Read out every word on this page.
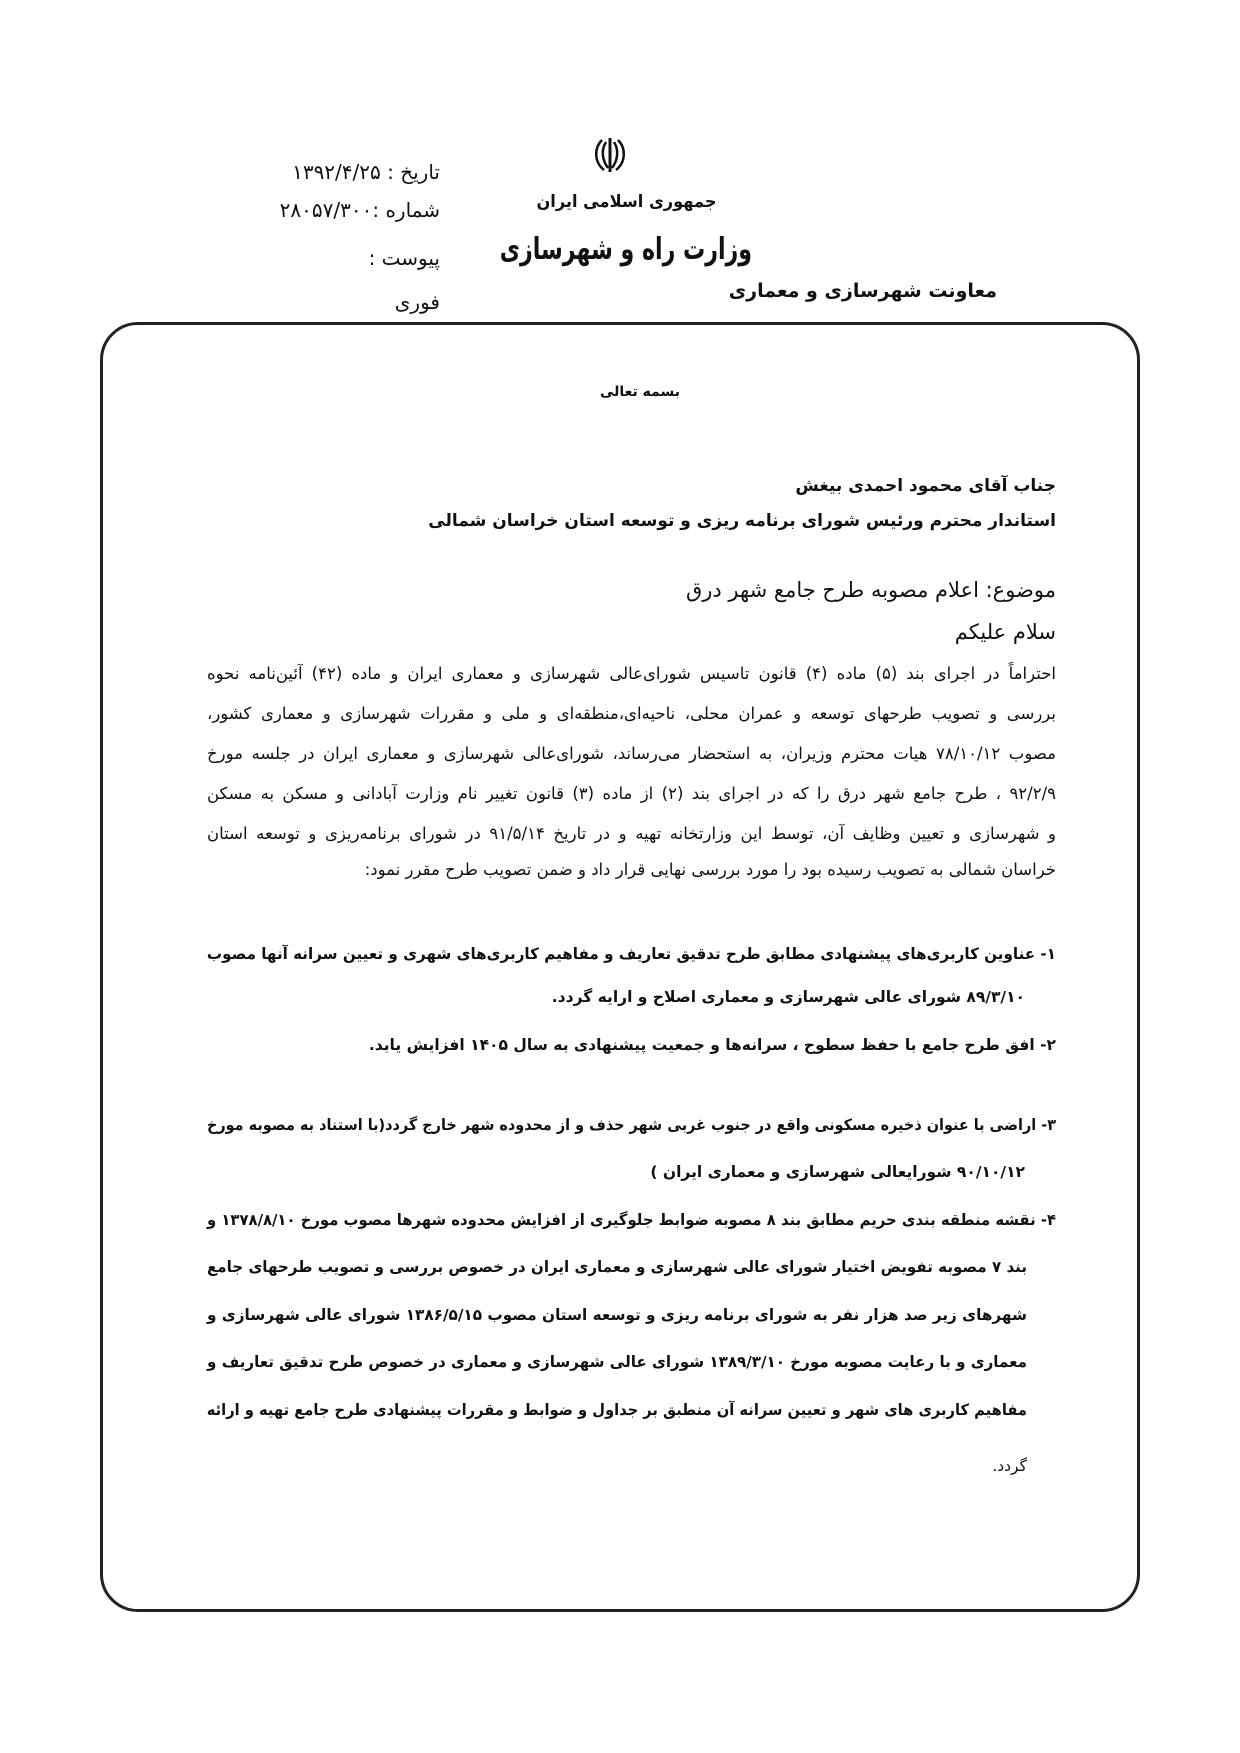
جمهوری اسلامی ایران
وزارت راه و شهرسازی
معاونت شهرسازی و معماری
تاریخ : ۱۳۹۲/۴/۲۵
شماره :۲۸۰۵۷/۳۰۰
پیوست :
فوری
بسمه تعالی
جناب آقای محمود احمدی بیغش
استاندار محترم ورئیس شورای برنامه ریزی و توسعه استان خراسان شمالی
موضوع: اعلام مصوبه طرح جامع شهر درق
سلام علیکم
احتراماً در اجرای بند (۵) ماده (۴) قانون تاسیس شورای‌عالی شهرسازی و معماری ایران و ماده (۴۲) آئین‌نامه نحوه
بررسی و تصویب طرحهای توسعه و عمران محلی، ناحیه‌ای،منطقه‌ای و ملی و مقررات شهرسازی و معماری کشور،
مصوب ۷۸/۱۰/۱۲ هیات محترم وزیران، به استحضار می‌رساند، شورای‌عالی شهرسازی و معماری ایران در جلسه مورخ
۹۲/۲/۹ ، طرح جامع شهر درق را که در اجرای بند (۲) از ماده (۳) قانون تغییر نام وزارت آبادانی و مسکن به مسکن
و شهرسازی و تعیین وظایف آن، توسط این وزارتخانه تهیه و در تاریخ ۹۱/۵/۱۴ در شورای برنامه‌ریزی و توسعه استان
خراسان شمالی به تصویب رسیده بود را مورد بررسی نهایی قرار داد و ضمن تصویب طرح مقرر نمود:
۱- عناوین کاربری‌های پیشنهادی مطابق طرح تدقیق تعاریف و مفاهیم کاربری‌های شهری و تعیین سرانه آنها مصوب
۸۹/۳/۱۰ شورای عالی شهرسازی و معماری اصلاح و ارایه گردد.
۲- افق طرح جامع با حفظ سطوح ، سرانه‌ها و جمعیت پیشنهادی به سال ۱۴۰۵ افزایش یابد.
۳- اراضی با عنوان ذخیره مسکونی واقع در جنوب غربی شهر حذف و از محدوده شهر خارج گردد(با استناد به مصوبه مورخ
۹۰/۱۰/۱۲ شورایعالی شهرسازی و معماری ایران )
۴- نقشه منطقه بندی حریم مطابق بند ۸ مصوبه ضوابط جلوگیری از افزایش محدوده شهرها مصوب مورخ ۱۳۷۸/۸/۱۰ و
بند ۷ مصوبه تفویض اختیار شورای عالی شهرسازی و معماری ایران در خصوص بررسی و تصویب طرحهای جامع
شهرهای زیر صد هزار نفر به شورای برنامه ریزی و توسعه استان مصوب ۱۳۸۶/۵/۱۵ شورای عالی شهرسازی و
معماری و با رعایت مصوبه مورخ ۱۳۸۹/۳/۱۰ شورای عالی شهرسازی و معماری در خصوص طرح تدقیق تعاریف و
مفاهیم کاربری های شهر و تعیین سرانه آن منطبق بر جداول و ضوابط و مقررات پیشنهادی طرح جامع تهیه و ارائه
گردد.
